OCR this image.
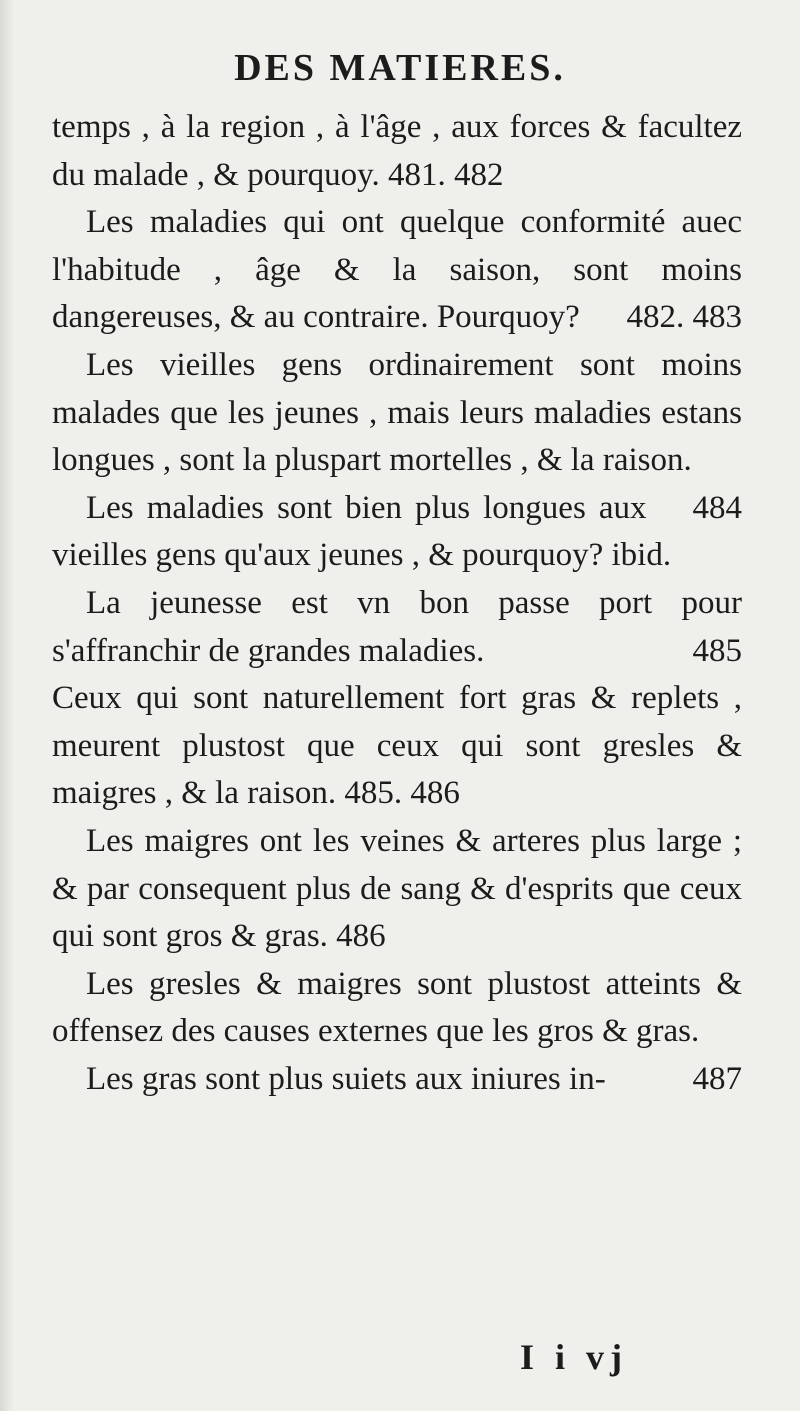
DES MATIERES.

temps , à la region , à l'âge , aux forces & facultez du malade , & pourquoy. 481. 482

Les maladies qui ont quelque conformité auec l'habitude , âge & la saison, sont moins dangereuses, & au contraire. Pourquoy?	482. 483

Les vieilles gens ordinairement sont moins malades que les jeunes , mais leurs maladies estans longues , sont la pluspart mortelles , & la raison.
484

Les maladies sont bien plus longues aux vieilles gens qu'aux jeunes , & pourquoy? ibid.

La jeunesse est vn bon passe port pour s'affranchir de grandes maladies.	485

Ceux qui sont naturellement fort gras & replets , meurent plustost que ceux qui sont gresles & maigres , & la raison. 485. 486

Les maigres ont les veines & arteres plus large ; & par consequent plus de sang & d'esprits que ceux qui sont gros & gras. 486

Les gresles & maigres sont plustost atteints & offensez des causes externes que les gros & gras.
487

Les gras sont plus suiets aux iniures in-

I i vj
